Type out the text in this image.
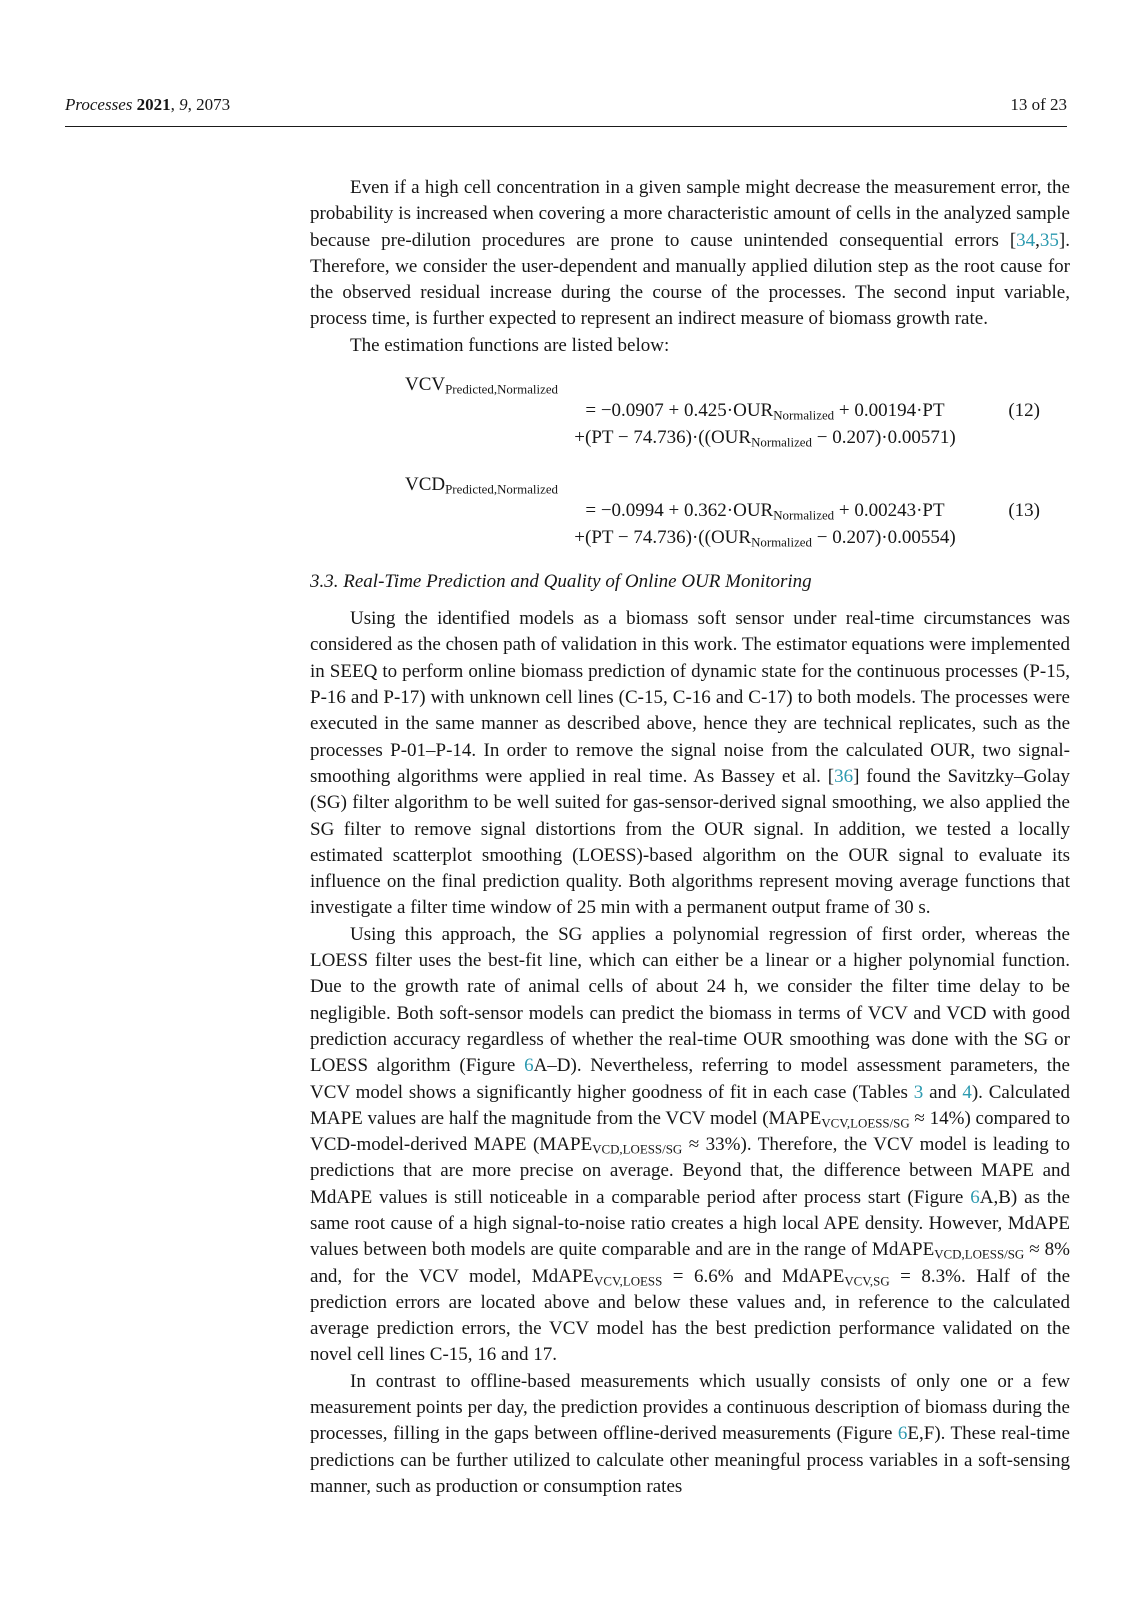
Processes 2021, 9, 2073	13 of 23

Even if a high cell concentration in a given sample might decrease the measurement error, the probability is increased when covering a more characteristic amount of cells in the analyzed sample because pre-dilution procedures are prone to cause unintended consequential errors [34,35]. Therefore, we consider the user-dependent and manually applied dilution step as the root cause for the observed residual increase during the course of the processes. The second input variable, process time, is further expected to represent an indirect measure of biomass growth rate.

The estimation functions are listed below:

$VCV_{Predicted,Normalized}$
= $-0.0907 + 0.425\cdot OUR_{Normalized} + 0.00194\cdot PT$
$+(PT - 74.736)\cdot((OUR_{Normalized} - 0.207)\cdot 0.00571)$
(12)
$VCD_{Predicted,Normalized}$
= $-0.0994 + 0.362\cdot OUR_{Normalized} + 0.00243\cdot PT$
$+(PT - 74.736)\cdot((OUR_{Normalized} - 0.207)\cdot 0.00554)$
(13)
3.3. Real-Time Prediction and Quality of Online OUR Monitoring

Using the identified models as a biomass soft sensor under real-time circumstances was considered as the chosen path of validation in this work. The estimator equations were implemented in SEEQ to perform online biomass prediction of dynamic state for the continuous processes (P-15, P-16 and P-17) with unknown cell lines (C-15, C-16 and C-17) to both models. The processes were executed in the same manner as described above, hence they are technical replicates, such as the processes P-01–P-14. In order to remove the signal noise from the calculated OUR, two signal-smoothing algorithms were applied in real time. As Bassey et al. [36] found the Savitzky–Golay (SG) filter algorithm to be well suited for gas-sensor-derived signal smoothing, we also applied the SG filter to remove signal distortions from the OUR signal. In addition, we tested a locally estimated scatterplot smoothing (LOESS)-based algorithm on the OUR signal to evaluate its influence on the final prediction quality. Both algorithms represent moving average functions that investigate a filter time window of 25 min with a permanent output frame of 30 s.

Using this approach, the SG applies a polynomial regression of first order, whereas the LOESS filter uses the best-fit line, which can either be a linear or a higher polynomial function. Due to the growth rate of animal cells of about 24 h, we consider the filter time delay to be negligible. Both soft-sensor models can predict the biomass in terms of VCV and VCD with good prediction accuracy regardless of whether the real-time OUR smoothing was done with the SG or LOESS algorithm (Figure 6A–D). Nevertheless, referring to model assessment parameters, the VCV model shows a significantly higher goodness of fit in each case (Tables 3 and 4). Calculated MAPE values are half the magnitude from the VCV model $(MAPE_{VCV,LOESS/SG} \approx 14\%)$ compared to VCD-model-derived MAPE $(MAPE_{VCD,LOESS/SG} \approx 33\%)$. Therefore, the VCV model is leading to predictions that are more precise on average. Beyond that, the difference between MAPE and MdAPE values is still noticeable in a comparable period after process start (Figure 6A,B) as the same root cause of a high signal-to-noise ratio creates a high local APE density. However, MdAPE values between both models are quite comparable and are in the range of MdAPE$_{VCD,LOESS/SG}$ ≈ 8% and, for the VCV model, MdAPE$_{VCV,LOESS}$ = 6.6% and MdAPE$_{VCV,SG}$ = 8.3%. Half of the prediction errors are located above and below these values and, in reference to the calculated average prediction errors, the VCV model has the best prediction performance validated on the novel cell lines C-15, 16 and 17.

In contrast to offline-based measurements which usually consists of only one or a few measurement points per day, the prediction provides a continuous description of biomass during the processes, filling in the gaps between offline-derived measurements (Figure 6E,F). These real-time predictions can be further utilized to calculate other meaningful process variables in a soft-sensing manner, such as production or consumption rates
